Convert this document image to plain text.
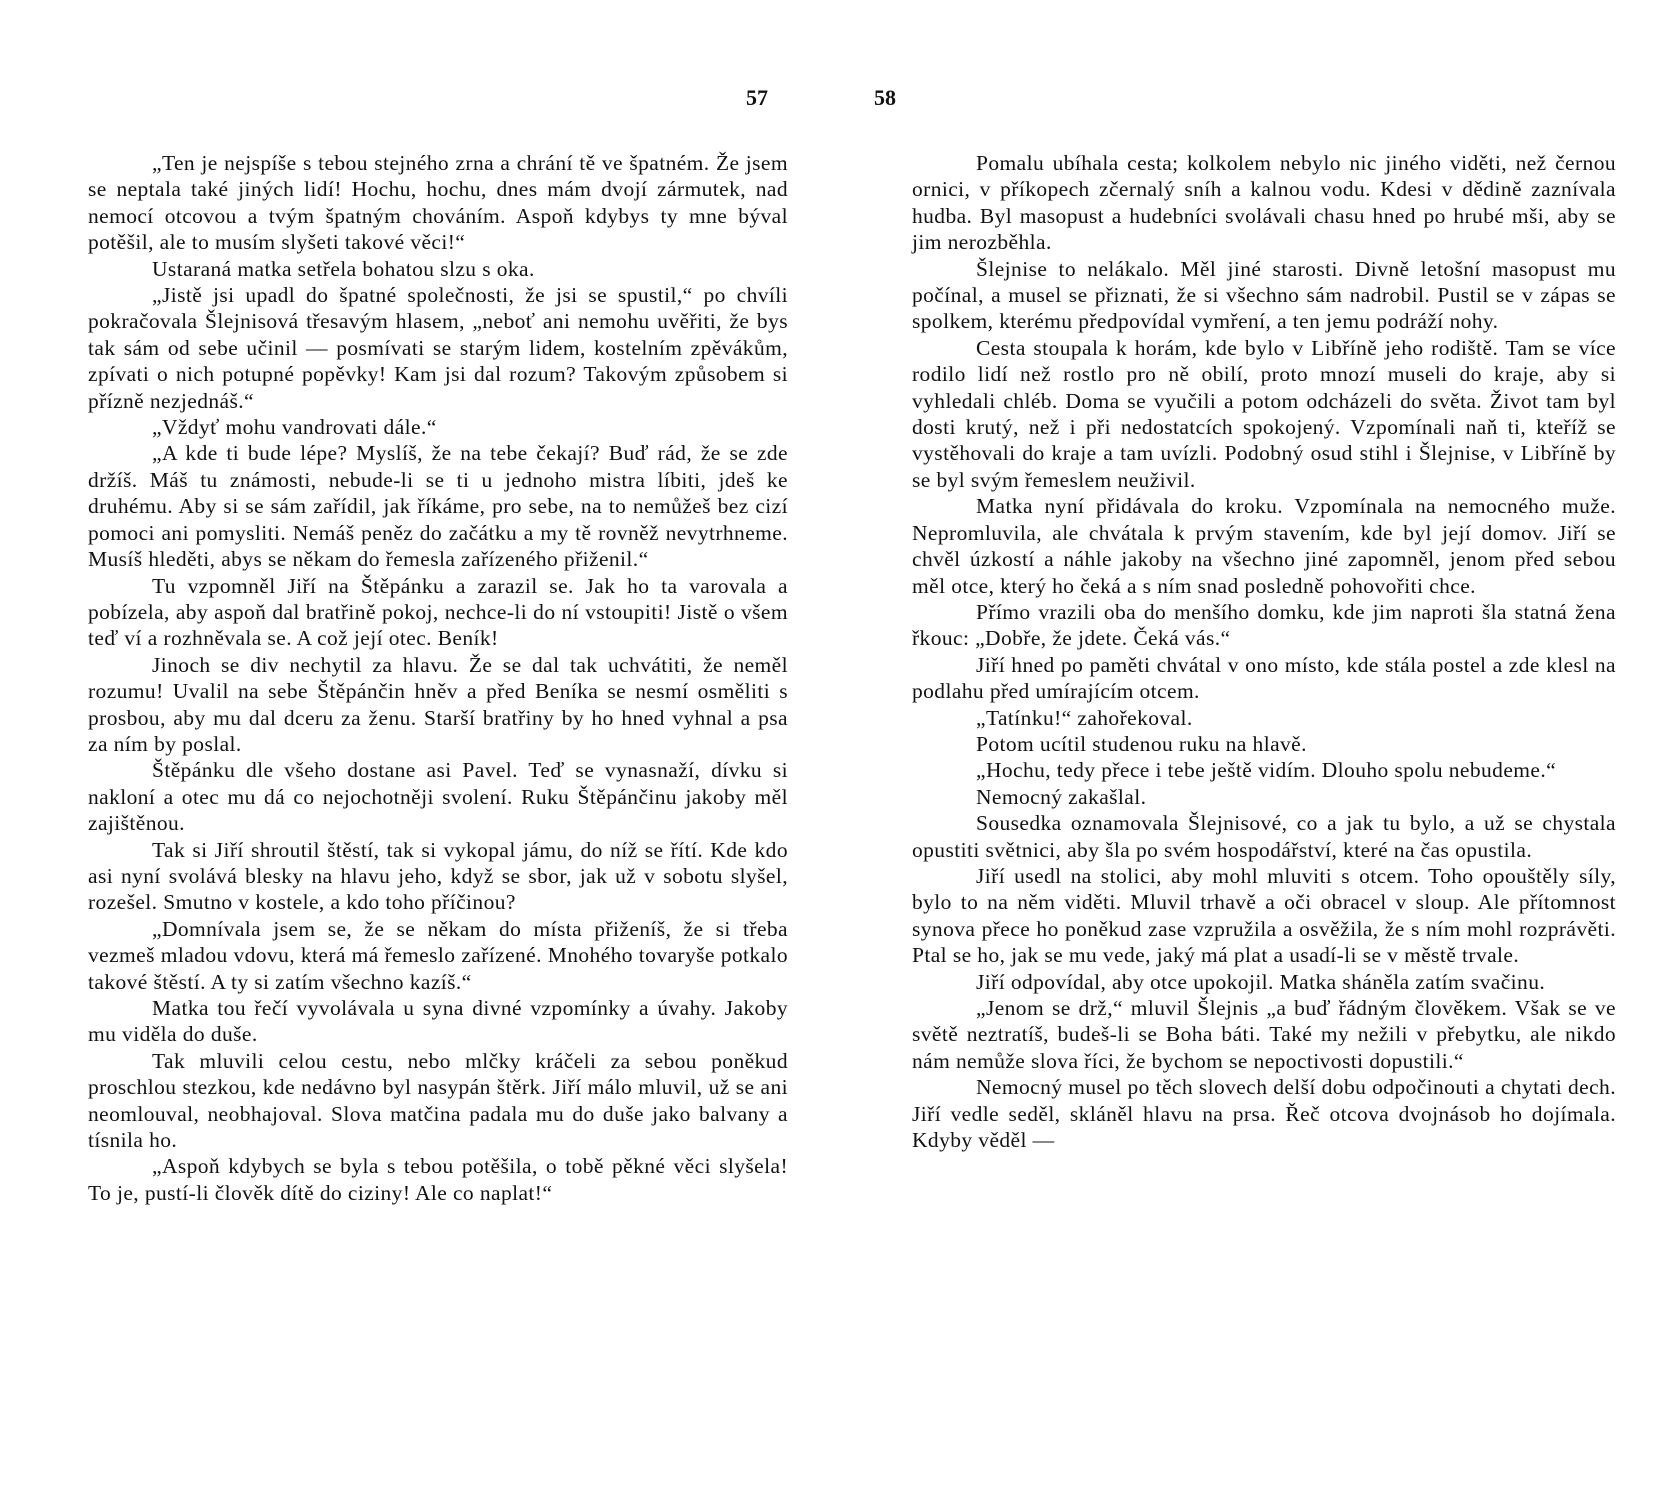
57

„Ten je nejspíše s tebou stejného zrna a chrání tě ve špatném. Že jsem se neptala také jiných lidí! Hochu, hochu, dnes mám dvojí zármutek, nad nemocí otcovou a tvým špatným chováním. Aspoň kdybys ty mne býval potěšil, ale to musím slyšeti takové věci!“

Ustaraná matka setřela bohatou slzu s oka.

„Jistě jsi upadl do špatné společnosti, že jsi se spustil,“ po chvíli pokračovala Šlejnisová třesavým hlasem, „neboť ani nemohu uvěřiti, že bys tak sám od sebe učinil — posmívati se starým lidem, kostelním zpěvákům, zpívati o nich potupné popěvky! Kam jsi dal rozum? Takovým způsobem si přízně nezjednáš.“

„Vždyť mohu vandrovati dále.“

„A kde ti bude lépe? Myslíš, že na tebe čekají? Buď rád, že se zde držíš. Máš tu známosti, nebude-li se ti u jednoho mistra líbiti, jdeš ke druhému. Aby si se sám zařídil, jak říkáme, pro sebe, na to nemůžeš bez cizí pomoci ani pomysliti. Nemáš peněz do začátku a my tě rovněž nevytrhneme. Musíš hleděti, abys se někam do řemesla zařízeného přiženil.“

Tu vzpomněl Jiří na Štěpánku a zarazil se. Jak ho ta varovala a pobízela, aby aspoň dal bratřině pokoj, nechce-li do ní vstoupiti! Jistě o všem teď ví a rozhněvala se. A což její otec. Beník!

Jinoch se div nechytil za hlavu. Že se dal tak uchvátiti, že neměl rozumu! Uvalil na sebe Štěpánčin hněv a před Beníka se nesmí osměliti s prosbou, aby mu dal dceru za ženu. Starší bratřiny by ho hned vyhnal a psa za ním by poslal.

Štěpánku dle všeho dostane asi Pavel. Teď se vynasnaží, dívku si nakloní a otec mu dá co nejochotněji svolení. Ruku Štěpánčinu jakoby měl zajištěnou.

Tak si Jiří shroutil štěstí, tak si vykopal jámu, do níž se řítí. Kde kdo asi nyní svolává blesky na hlavu jeho, když se sbor, jak už v sobotu slyšel, rozešel. Smutno v kostele, a kdo toho příčinou?

„Domnívala jsem se, že se někam do místa přiženíš, že si třeba vezmeš mladou vdovu, která má řemeslo zařízené. Mnohého tovaryše potkalo takové štěstí. A ty si zatím všechno kazíš.“

Matka tou řečí vyvolávala u syna divné vzpomínky a úvahy. Jakoby mu viděla do duše.

Tak mluvili celou cestu, nebo mlčky kráčeli za sebou poněkud proschlou stezkou, kde nedávno byl nasypán štěrk. Jiří málo mluvil, už se ani neomlouval, neobhajoval. Slova matčina padala mu do duše jako balvany a tísnila ho.

„Aspoň kdybych se byla s tebou potěšila, o tobě pěkné věci slyšela! To je, pustí-li člověk dítě do ciziny! Ale co naplat!“

58

Pomalu ubíhala cesta; kolkolem nebylo nic jiného viděti, než černou ornici, v příkopech zčernalý sníh a kalnou vodu. Kdesi v dědině zaznívala hudba. Byl masopust a hudebníci svolávali chasu hned po hrubé mši, aby se jim nerozběhla.

Šlejnise to nelákalo. Měl jiné starosti. Divně letošní masopust mu počínal, a musel se přiznati, že si všechno sám nadrobil. Pustil se v zápas se spolkem, kterému předpovídal vymření, a ten jemu podráží nohy.

Cesta stoupala k horám, kde bylo v Libříně jeho rodiště. Tam se více rodilo lidí než rostlo pro ně obilí, proto mnozí museli do kraje, aby si vyhledali chléb. Doma se vyučili a potom odcházeli do světa. Život tam byl dosti krutý, než i při nedostatcích spokojený. Vzpomínali naň ti, kteříž se vystěhovali do kraje a tam uvízli. Podobný osud stihl i Šlejnise, v Libříně by se byl svým řemeslem neuživil.

Matka nyní přidávala do kroku. Vzpomínala na nemocného muže. Nepromluvila, ale chvátala k prvým stavením, kde byl její domov. Jiří se chvěl úzkostí a náhle jakoby na všechno jiné zapomněl, jenom před sebou měl otce, který ho čeká a s ním snad posledně pohovořiti chce.

Přímo vrazili oba do menšího domku, kde jim naproti šla statná žena řkouc: „Dobře, že jdete. Čeká vás.“

Jiří hned po paměti chvátal v ono místo, kde stála postel a zde klesl na podlahu před umírajícím otcem.

„Tatínku!“ zahořekoval.

Potom ucítil studenou ruku na hlavě.

„Hochu, tedy přece i tebe ještě vidím. Dlouho spolu nebudeme.“

Nemocný zakašlal.

Sousedka oznamovala Šlejnisové, co a jak tu bylo, a už se chystala opustiti světnici, aby šla po svém hospodářství, které na čas opustila.

Jiří usedl na stolici, aby mohl mluviti s otcem. Toho opouštěly síly, bylo to na něm viděti. Mluvil trhavě a oči obracel v sloup. Ale přítomnost synova přece ho poněkud zase vzpružila a osvěžila, že s ním mohl rozprávěti. Ptal se ho, jak se mu vede, jaký má plat a usadí-li se v městě trvale.

Jiří odpovídal, aby otce upokojil. Matka sháněla zatím svačinu.

„Jenom se drž,“ mluvil Šlejnis „a buď řádným člověkem. Však se ve světě neztratíš, budeš-li se Boha báti. Také my nežili v přebytku, ale nikdo nám nemůže slova říci, že bychom se nepoctivosti dopustili.“

Nemocný musel po těch slovech delší dobu odpočinouti a chytati dech. Jiří vedle seděl, skláněl hlavu na prsa. Řeč otcova dvojnásob ho dojímala. Kdyby věděl —
